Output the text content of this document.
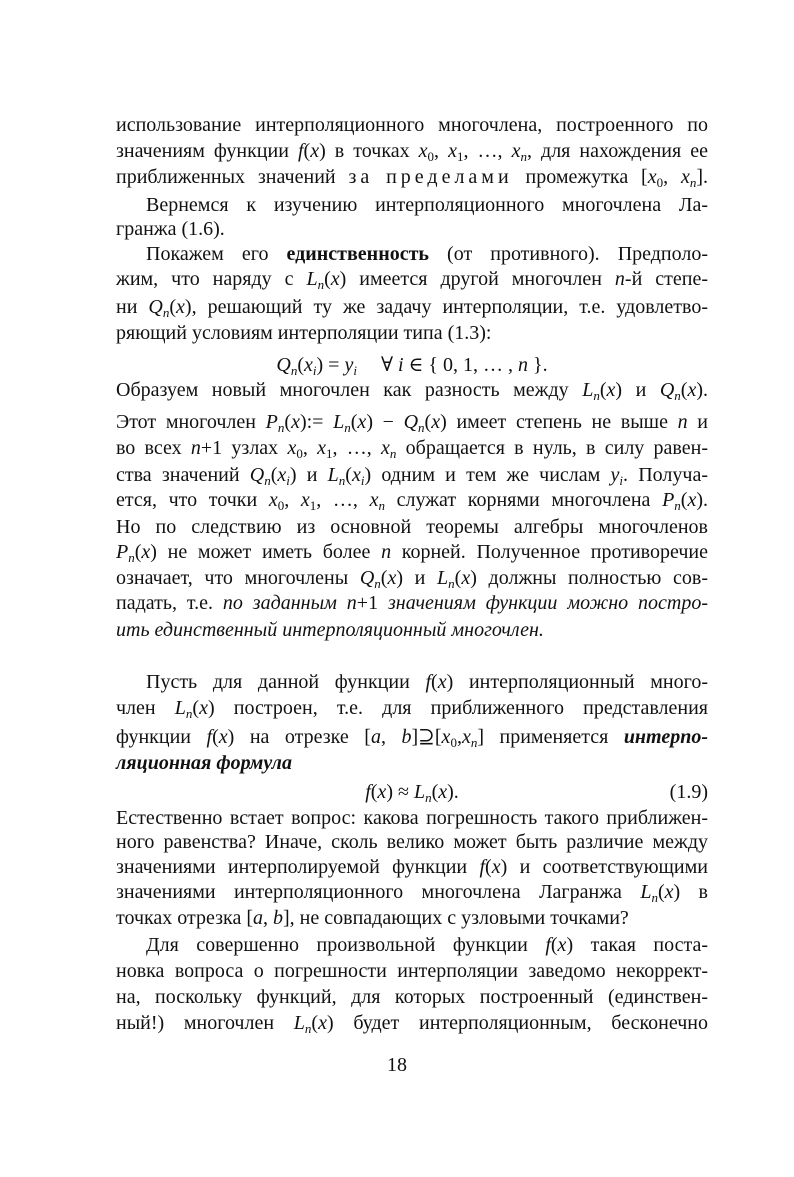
использование интерполяционного многочлена, построенного по
значениям функции f(x) в точках $x_0$, $x_1$, …, $x_n$, для нахождения ее
приближенных значений за пределами промежутка [$x_0$, $x_n$].
Вернемся к изучению интерполяционного многочлена Ла-
гранжа (1.6).
Покажем его единственность (от противного). Предполо-
жим, что наряду с $L_n(x)$ имеется другой многочлен n-й степе-
ни $Q_n(x)$, решающий ту же задачу интерполяции, т.е. удовлетво-
ряющий условиям интерполяции типа (1.3):
$Q_n(x_i) = y_i$ ∀ i ∈ { 0, 1, … , n }.
Образуем новый многочлен как разность между $L_n(x)$ и $Q_n(x)$.
Этот многочлен $P_n(x):= L_n(x) - Q_n(x)$ имеет степень не выше n и
во всех n+1 узлах $x_0$, $x_1$, …, $x_n$ обращается в нуль, в силу равен-
ства значений $Q_n(x_i)$ и $L_n(x_i)$ одним и тем же числам $y_i$. Получа-
ется, что точки $x_0$, $x_1$, …, $x_n$ служат корнями многочлена $P_n(x)$.
Но по следствию из основной теоремы алгебры многочленов
$P_n(x)$ не может иметь более n корней. Полученное противоречие
означает, что многочлены $Q_n(x)$ и $L_n(x)$ должны полностью сов-
падать, т.е. по заданным n+1 значениям функции можно постро-
ить единственный интерполяционный многочлен.
Пусть для данной функции f(x) интерполяционный много-
член $L_n(x)$ построен, т.е. для приближенного представления
функции f(x) на отрезке [a, $b]⊇[x_0,x_n]$ применяется интерпо-
ляционная формула
$f(x) \approx L_n(x)$.	(1.9)
Естественно встает вопрос: какова погрешность такого приближен-
ного равенства? Иначе, сколь велико может быть различие между
значениями интерполируемой функции f(x) и соответствующими
значениями интерполяционного многочлена Лагранжа $L_n(x)$ в
точках отрезка [a, b], не совпадающих с узловыми точками?
Для совершенно произвольной функции f(x) такая поста-
новка вопроса о погрешности интерполяции заведомо некоррект-
на, поскольку функций, для которых построенный (единствен-
ный!) многочлен $L_n(x)$ будет интерполяционным, бесконечно
18
